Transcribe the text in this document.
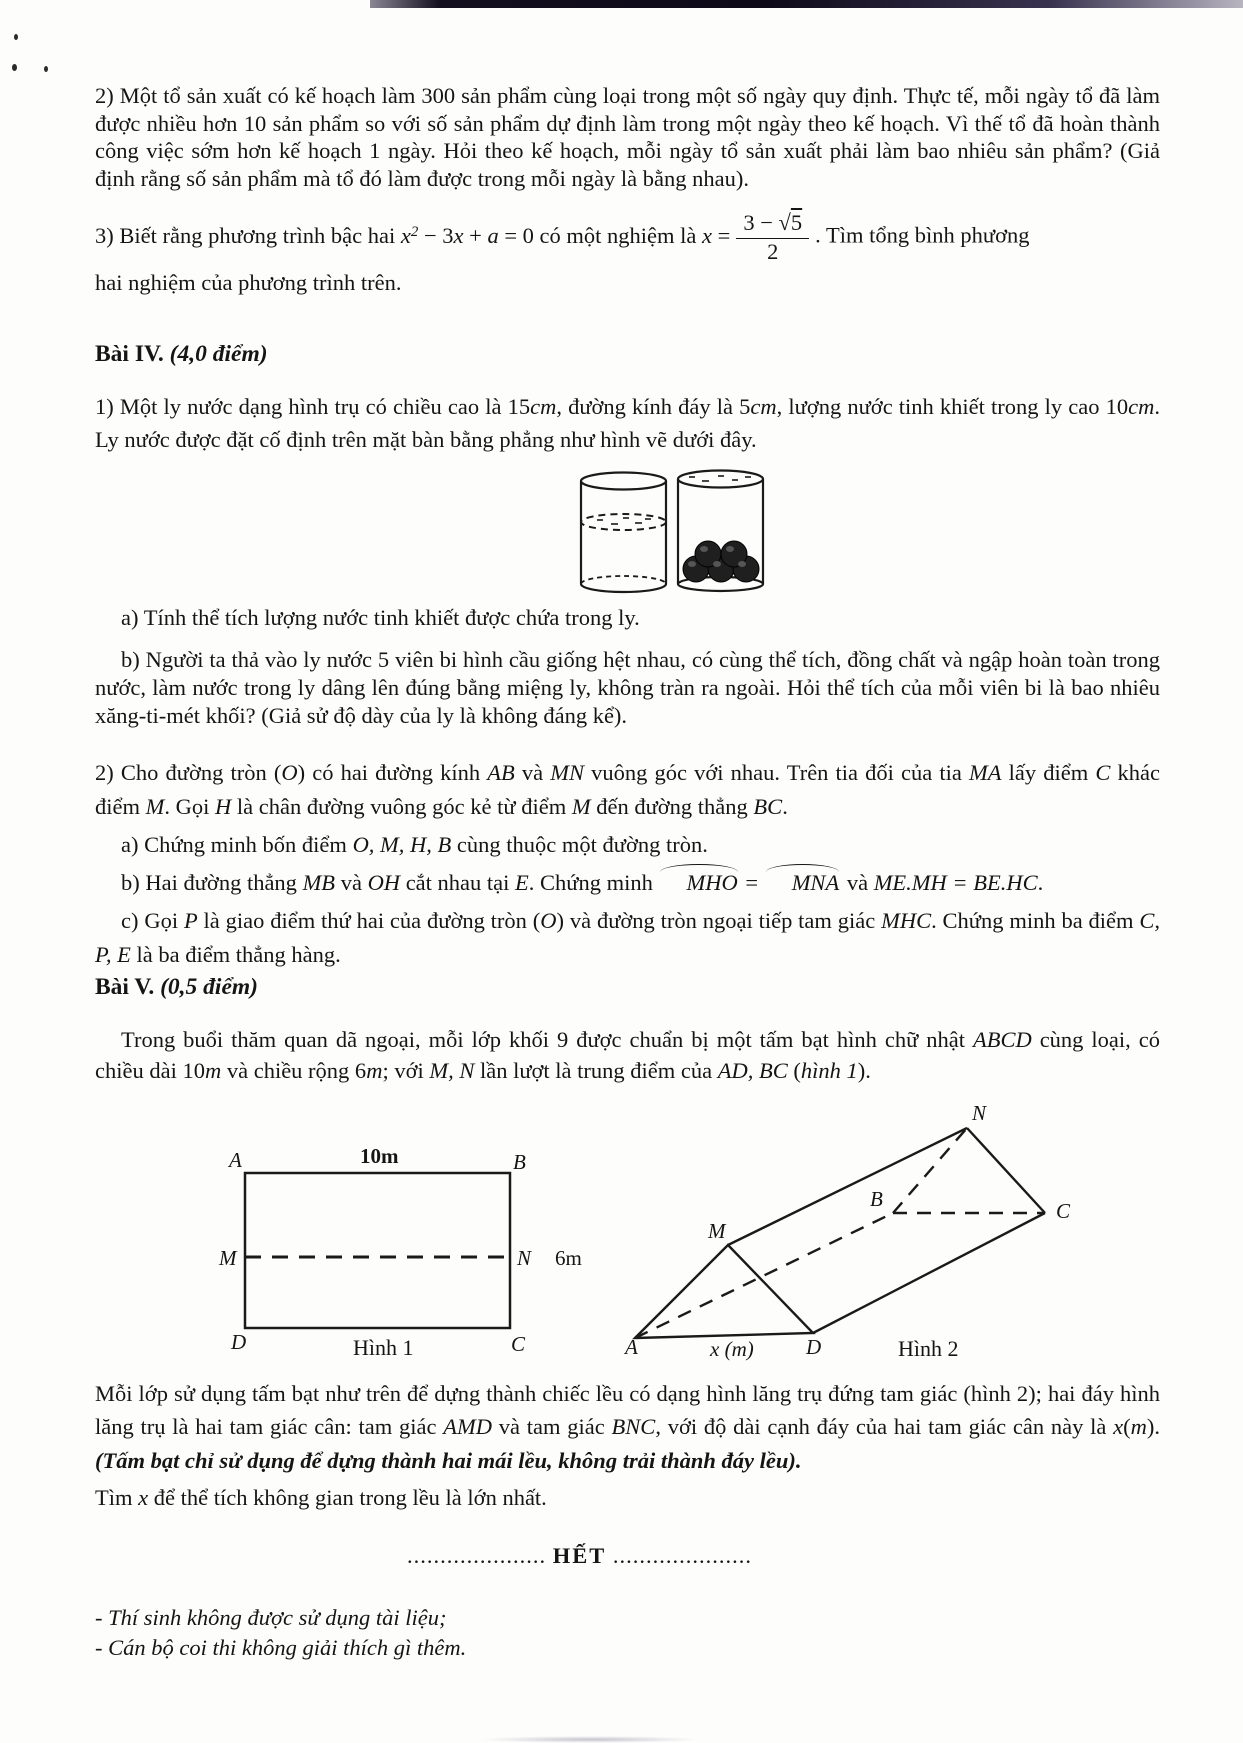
2) Một tổ sản xuất có kế hoạch làm 300 sản phẩm cùng loại trong một số ngày quy định. Thực tế, mỗi ngày tổ đã làm được nhiều hơn 10 sản phẩm so với số sản phẩm dự định làm trong một ngày theo kế hoạch. Vì thế tổ đã hoàn thành công việc sớm hơn kế hoạch 1 ngày. Hỏi theo kế hoạch, mỗi ngày tổ sản xuất phải làm bao nhiêu sản phẩm? (Giả định rằng số sản phẩm mà tổ đó làm được trong mỗi ngày là bằng nhau).

3) Biết rằng phương trình bậc hai $x^2 - 3x + a = 0$ có một nghiệm là $x = \frac{3 - √5}{2}$ . Tìm tổng bình phương

hai nghiệm của phương trình trên.

Bài IV. (4,0 điểm)

1) Một ly nước dạng hình trụ có chiều cao là 15cm, đường kính đáy là 5cm, lượng nước tinh khiết trong ly cao 10cm. Ly nước được đặt cố định trên mặt bàn bằng phẳng như hình vẽ dưới đây.

a) Tính thể tích lượng nước tinh khiết được chứa trong ly.

b) Người ta thả vào ly nước 5 viên bi hình cầu giống hệt nhau, có cùng thể tích, đồng chất và ngập hoàn toàn trong nước, làm nước trong ly dâng lên đúng bằng miệng ly, không tràn ra ngoài. Hỏi thể tích của mỗi viên bi là bao nhiêu xăng-ti-mét khối? (Giả sử độ dày của ly là không đáng kể).

2) Cho đường tròn (O) có hai đường kính AB và MN vuông góc với nhau. Trên tia đối của tia MA lấy điểm C khác điểm M. Gọi H là chân đường vuông góc kẻ từ điểm M đến đường thẳng BC.

a) Chứng minh bốn điểm O, M, H, B cùng thuộc một đường tròn.

b) Hai đường thẳng MB và OH cắt nhau tại E. Chứng minh MHO = MNA và ME.MH = BE.HC.

c) Gọi P là giao điểm thứ hai của đường tròn (O) và đường tròn ngoại tiếp tam giác MHC. Chứng minh ba điểm C, P, E là ba điểm thẳng hàng.

Bài V. (0,5 điểm)

Trong buổi thăm quan dã ngoại, mỗi lớp khối 9 được chuẩn bị một tấm bạt hình chữ nhật ABCD cùng loại, có chiều dài 10m và chiều rộng 6m; với M, N lần lượt là trung điểm của AD, BC (hình 1).

A	B
10m
M	N 6m
D	C
Hình 1	A	x (m) D	Hình 2
M
B
N
C

Mỗi lớp sử dụng tấm bạt như trên để dựng thành chiếc lều có dạng hình lăng trụ đứng tam giác (hình 2); hai đáy hình lăng trụ là hai tam giác cân: tam giác AMD và tam giác BNC, với độ dài cạnh đáy của hai tam giác cân này là x(m). (Tấm bạt chỉ sử dụng để dựng thành hai mái lều, không trải thành đáy lều).

Tìm x để thể tích không gian trong lều là lớn nhất.

..................... HẾT .....................

- Thí sinh không được sử dụng tài liệu;

- Cán bộ coi thi không giải thích gì thêm.
